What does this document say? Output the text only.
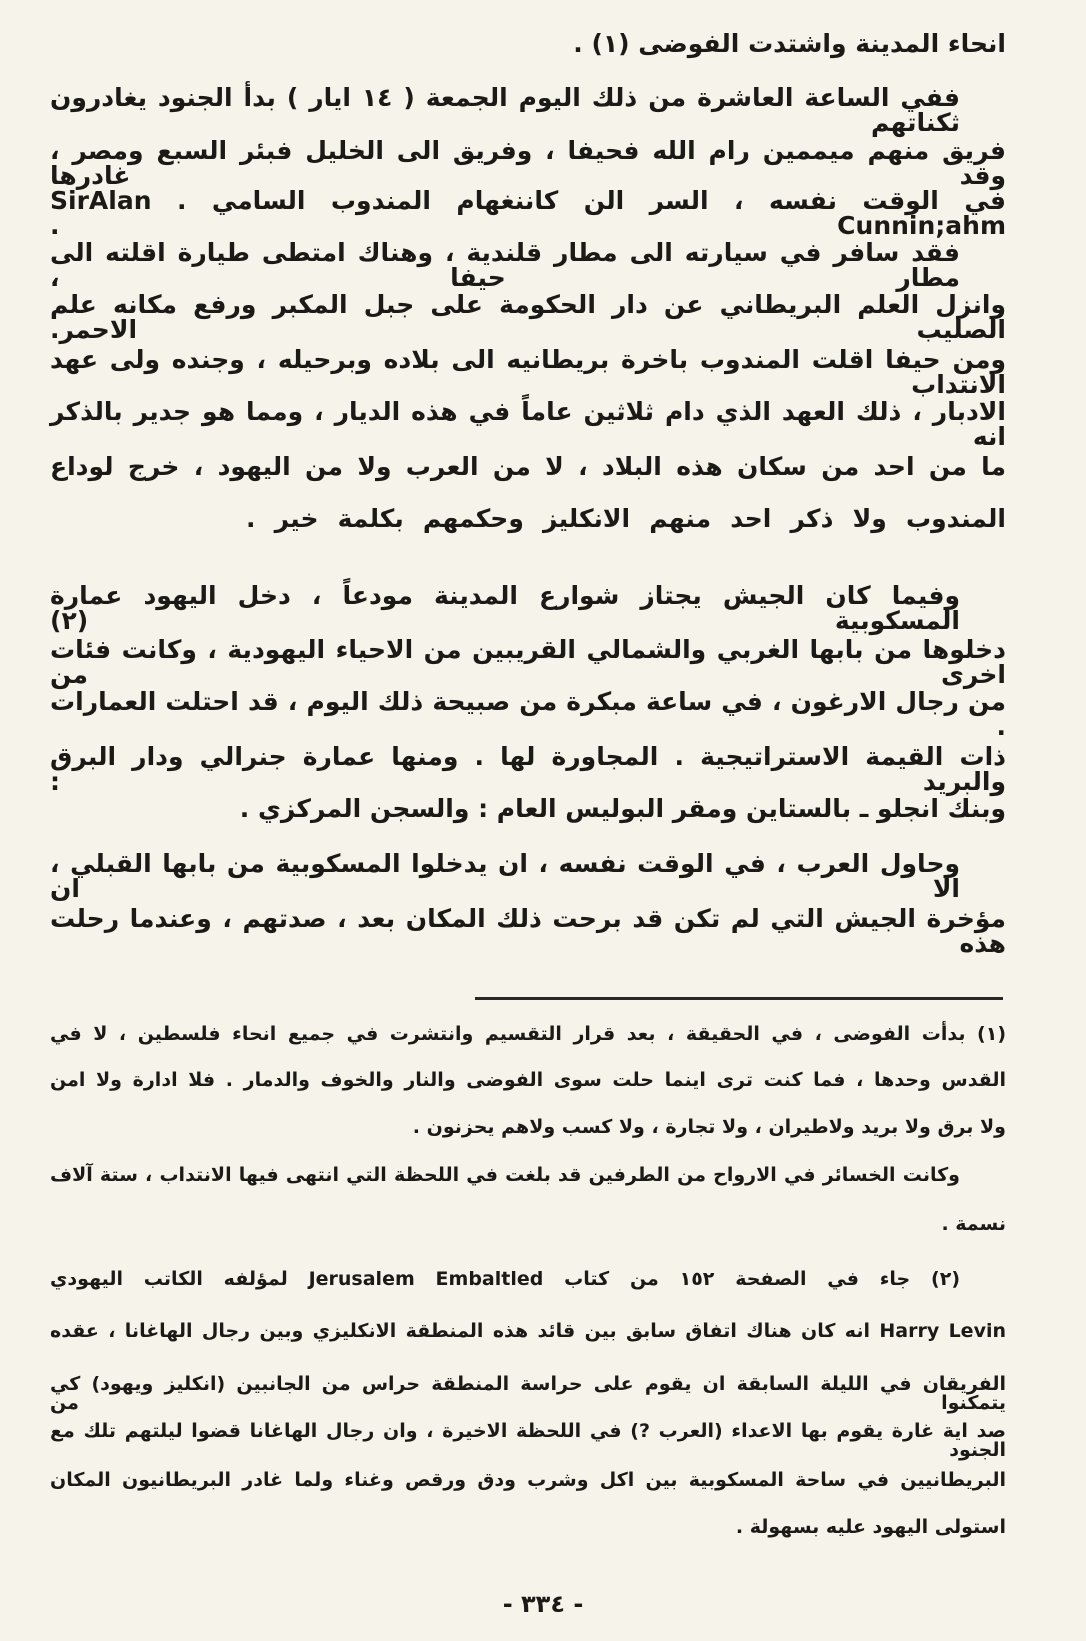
انحاء المدينة واشتدت الفوضى (١) .
ففي الساعة العاشرة من ذلك اليوم الجمعة ( ١٤ ايار ) بدأ الجنود يغادرون ثكناتهم
فريق منهم ميممين رام الله فحيفا ، وفريق الى الخليل فبئر السبع ومصر ، وقد غادرها
في الوقت نفسه ، السر الن كاننغهام المندوب السامي . SirAlan Cunnin;ahm .
فقد سافر في سيارته الى مطار قلندية ، وهناك امتطى طيارة اقلته الى مطار حيفا ،
وانزل العلم البريطاني عن دار الحكومة على جبل المكبر ورفع مكانه علم الصليب الاحمر.
ومن حيفا اقلت المندوب باخرة بريطانيه الى بلاده وبرحيله ، وجنده ولى عهد الانتداب
الادبار ، ذلك العهد الذي دام ثلاثين عاماً في هذه الديار ، ومما هو جدير بالذكر انه
ما من احد من سكان هذه البلاد ، لا من العرب ولا من اليهود ، خرج لوداع
المندوب ولا ذكر احد منهم الانكليز وحكمهم بكلمة خير .
وفيما كان الجيش يجتاز شوارع المدينة مودعاً ، دخل اليهود عمارة المسكوبية (٢)
دخلوها من بابها الغربي والشمالي القريبين من الاحياء اليهودية ، وكانت فئات اخرى من
من رجال الارغون ، في ساعة مبكرة من صبيحة ذلك اليوم ، قد احتلت العمارات .
ذات القيمة الاستراتيجية . المجاورة لها . ومنها عمارة جنرالي ودار البرق والبريد :
وبنك انجلو ـ بالستاين ومقر البوليس العام : والسجن المركزي .
وحاول العرب ، في الوقت نفسه ، ان يدخلوا المسكوبية من بابها القبلي ، الا ان
مؤخرة الجيش التي لم تكن قد برحت ذلك المكان بعد ، صدتهم ، وعندما رحلت هذه
(١) بدأت الفوضى ، في الحقيقة ، بعد قرار التقسيم وانتشرت في جميع انحاء فلسطين ، لا في
القدس وحدها ، فما كنت ترى اينما حلت سوى الفوضى والنار والخوف والدمار . فلا ادارة ولا امن
ولا برق ولا بريد ولاطيران ، ولا تجارة ، ولا كسب ولاهم يحزنون .
وكانت الخسائر في الارواح من الطرفين قد بلغت في اللحظة التي انتهى فيها الانتداب ، ستة آلاف
نسمة .
(٢) جاء في الصفحة ١٥٢ من كتاب Jerusalem Embaltled لمؤلفه الكاتب اليهودي
Harry Levin انه كان هناك اتفاق سابق بين قائد هذه المنطقة الانكليزي وبين رجال الهاغانا ، عقده
الفريقان في الليلة السابقة ان يقوم على حراسة المنطقة حراس من الجانبين (انكليز ويهود) كي يتمكنوا من
صد اية غارة يقوم بها الاعداء (العرب ?) في اللحظة الاخيرة ، وان رجال الهاغانا قضوا ليلتهم تلك مع الجنود
البريطانيين في ساحة المسكوبية بين اكل وشرب ودق ورقص وغناء ولما غادر البريطانيون المكان
استولى اليهود عليه بسهولة .
- ٣٣٤ -
